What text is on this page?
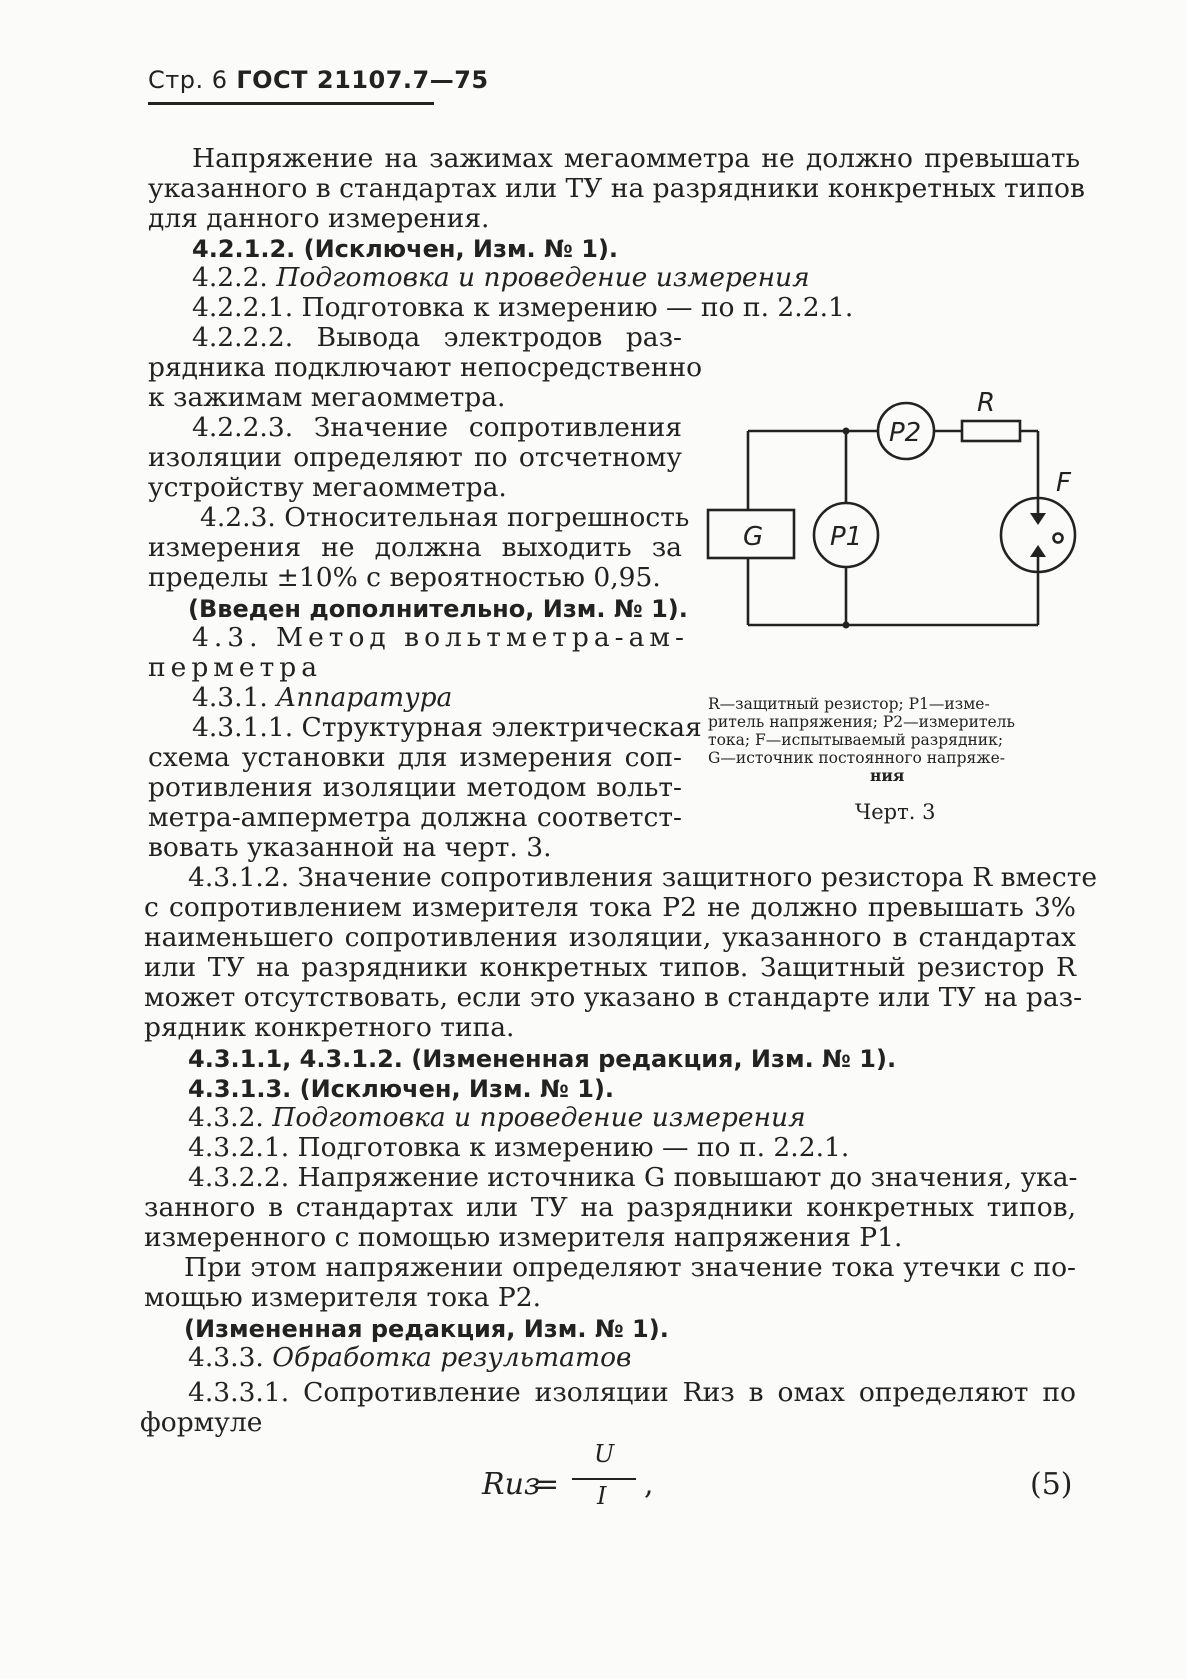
Стр. 6 ГОСТ 21107.7—75
Напряжение на зажимах мегаомметра не должно превышать
указанного в стандартах или ТУ на разрядники конкретных типов
для данного измерения.
4.2.1.2. (Исключен, Изм. № 1).
4.2.2. Подготовка и проведение измерения
4.2.2.1. Подготовка к измерению — по п. 2.2.1.
4.2.2.2. Вывода электродов раз-
рядника подключают непосредственно
к зажимам мегаомметра.
4.2.2.3. Значение сопротивления
изоляции определяют по отсчетному
устройству мегаомметра.
4.2.3. Относительная погрешность
измерения не должна выходить за
пределы ±10% с вероятностью 0,95.
(Введен дополнительно, Изм. № 1).
4.3. Метод вольтметра-ам-
перметра
4.3.1. Аппаратура
4.3.1.1. Структурная электрическая
схема установки для измерения соп-
ротивления изоляции методом вольт-
метра-амперметра должна соответст-
вовать указанной на черт. 3.
R
P2
P1
G
F
R—защитный резистор; P1—изме-
ритель напряжения; P2—измеритель
тока; F—испытываемый разрядник;
G—источник постоянного напряже-
ния
Черт. 3
4.3.1.2. Значение сопротивления защитного резистора R вместе
с сопротивлением измерителя тока P2 не должно превышать 3%
наименьшего сопротивления изоляции, указанного в стандартах
или ТУ на разрядники конкретных типов. Защитный резистор R
может отсутствовать, если это указано в стандарте или ТУ на раз-
рядник конкретного типа.
4.3.1.1, 4.3.1.2. (Измененная редакция, Изм. № 1).
4.3.1.3. (Исключен, Изм. № 1).
4.3.2. Подготовка и проведение измерения
4.3.2.1. Подготовка к измерению — по п. 2.2.1.
4.3.2.2. Напряжение источника G повышают до значения, ука-
занного в стандартах или ТУ на разрядники конкретных типов,
измеренного с помощью измерителя напряжения P1.
При этом напряжении определяют значение тока утечки с по-
мощью измерителя тока P2.
(Измененная редакция, Изм. № 1).
4.3.3. Обработка результатов
4.3.3.1. Сопротивление изоляции Rиз в омах определяют по
формуле
Rиз
=
U
I ,	(5)
